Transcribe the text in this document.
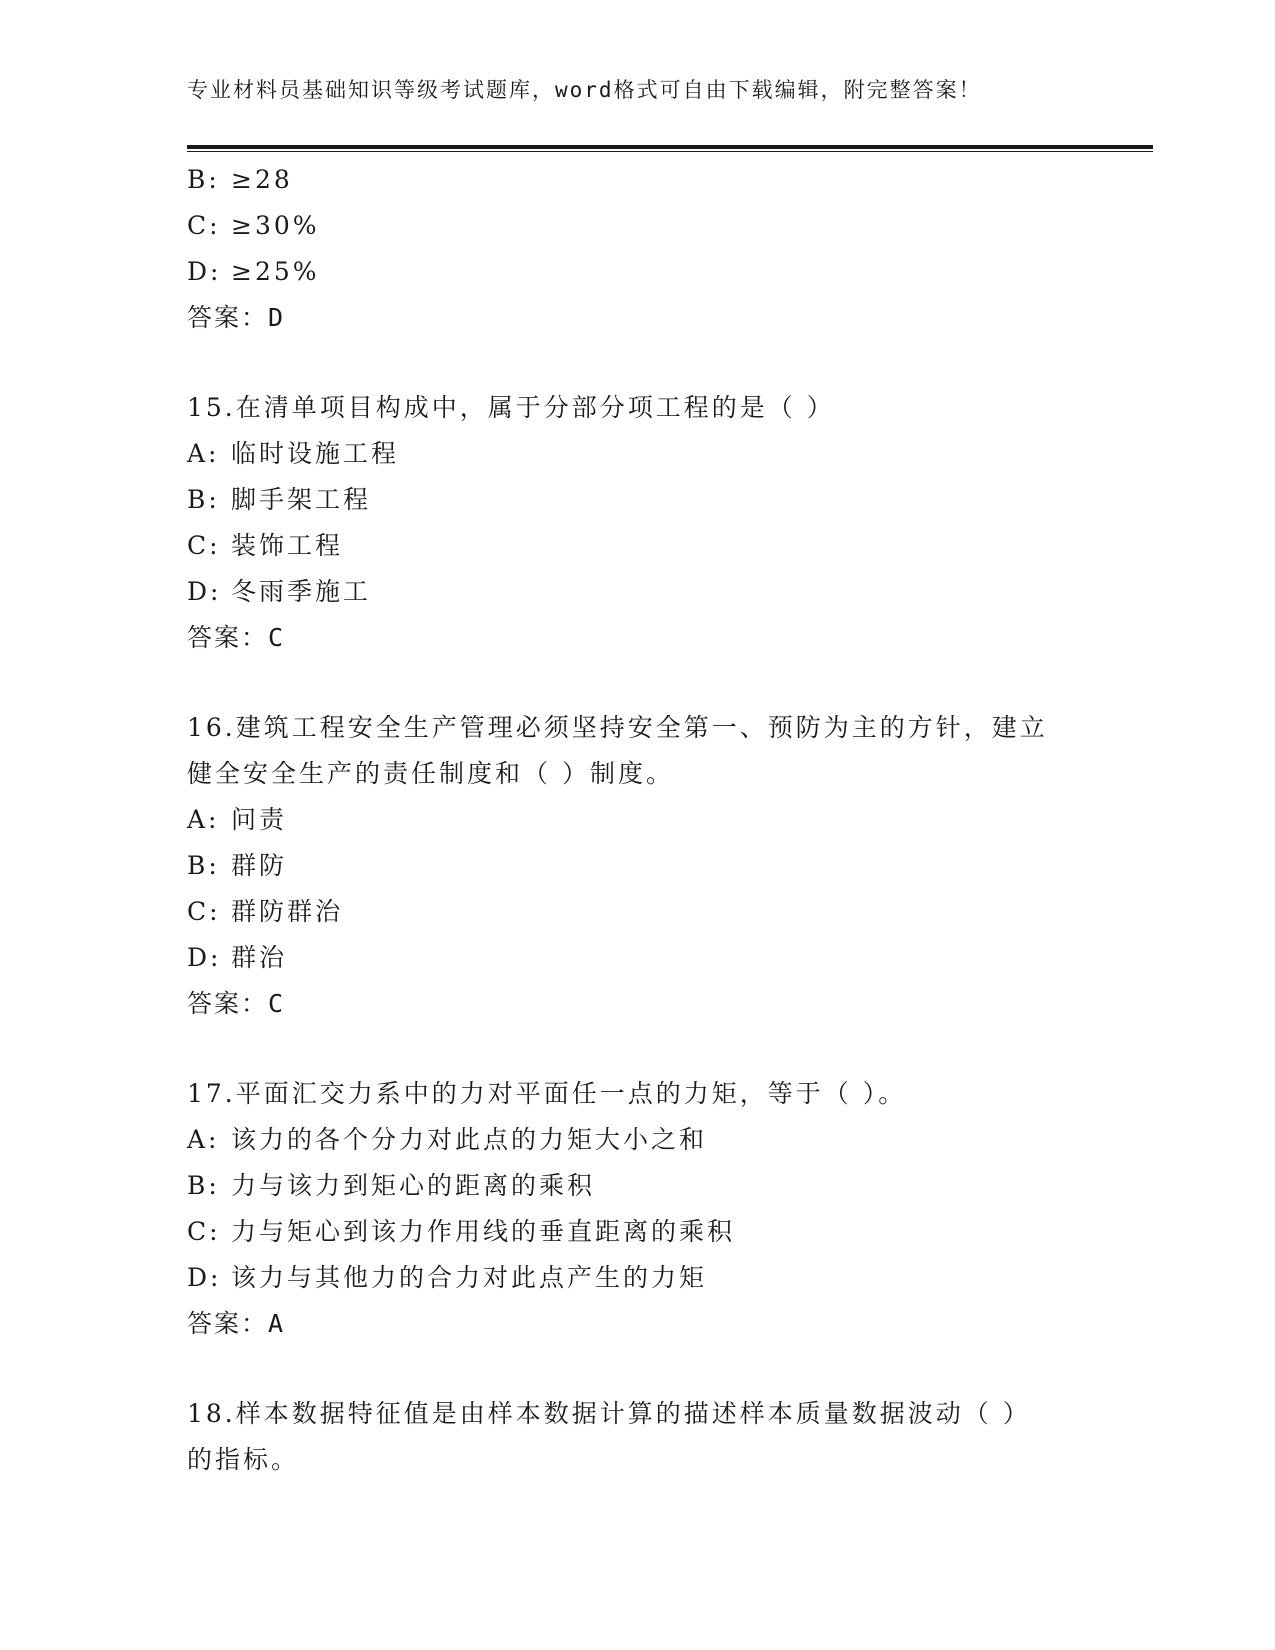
专业材料员基础知识等级考试题库，word格式可自由下载编辑，附完整答案！
B: ≥28
C: ≥30%
D: ≥25%
答案：D
15.在清单项目构成中，属于分部分项工程的是（ ）
A: 临时设施工程
B: 脚手架工程
C: 装饰工程
D: 冬雨季施工
答案：C
16.建筑工程安全生产管理必须坚持安全第一、预防为主的方针，建立
健全安全生产的责任制度和（ ）制度。
A: 问责
B: 群防
C: 群防群治
D: 群治
答案：C
17.平面汇交力系中的力对平面任一点的力矩，等于（ ）。
A: 该力的各个分力对此点的力矩大小之和
B: 力与该力到矩心的距离的乘积
C: 力与矩心到该力作用线的垂直距离的乘积
D: 该力与其他力的合力对此点产生的力矩
答案：A
18.样本数据特征值是由样本数据计算的描述样本质量数据波动（ ）
的指标。
